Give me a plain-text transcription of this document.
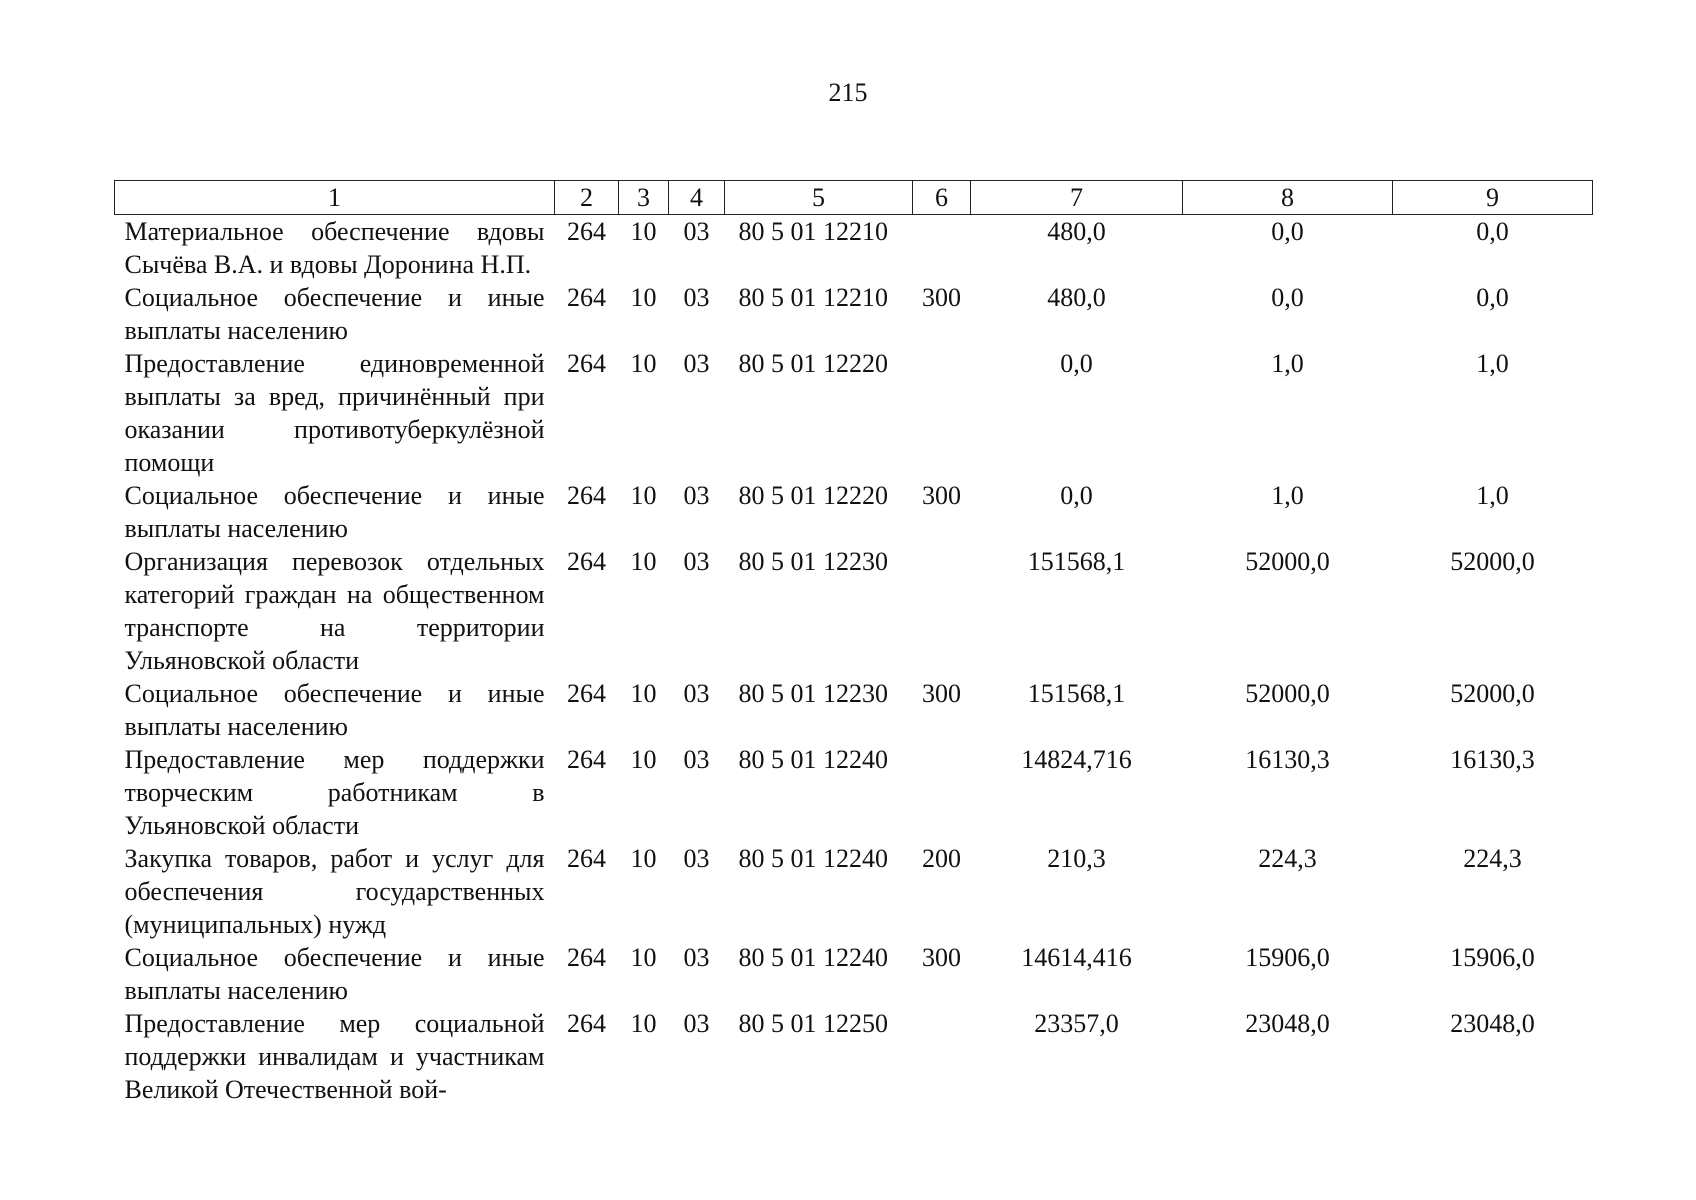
215
1	2	3	4	5	6	7	8	9
Материальное обеспечение вдовы Сычёва В.А. и вдовы Доронина Н.П.	264	10	03	80 5 01 12210		480,0	0,0	0,0
Социальное обеспечение и иные выплаты населению	264	10	03	80 5 01 12210	300	480,0	0,0	0,0
Предоставление единовременной выплаты за вред, причинённый при оказании противотуберкулёзной помощи	264	10	03	80 5 01 12220		0,0	1,0	1,0
Социальное обеспечение и иные выплаты населению	264	10	03	80 5 01 12220	300	0,0	1,0	1,0
Организация перевозок отдельных категорий граждан на общественном транспорте на территории Ульяновской области	264	10	03	80 5 01 12230		151568,1	52000,0	52000,0
Социальное обеспечение и иные выплаты населению	264	10	03	80 5 01 12230	300	151568,1	52000,0	52000,0
Предоставление мер поддержки творческим работникам в Ульяновской области	264	10	03	80 5 01 12240		14824,716	16130,3	16130,3
Закупка товаров, работ и услуг для обеспечения государственных (муниципальных) нужд	264	10	03	80 5 01 12240	200	210,3	224,3	224,3
Социальное обеспечение и иные выплаты населению	264	10	03	80 5 01 12240	300	14614,416	15906,0	15906,0
Предоставление мер социальной поддержки инвалидам и участникам Великой Отечественной вой-	264	10	03	80 5 01 12250		23357,0	23048,0	23048,0
